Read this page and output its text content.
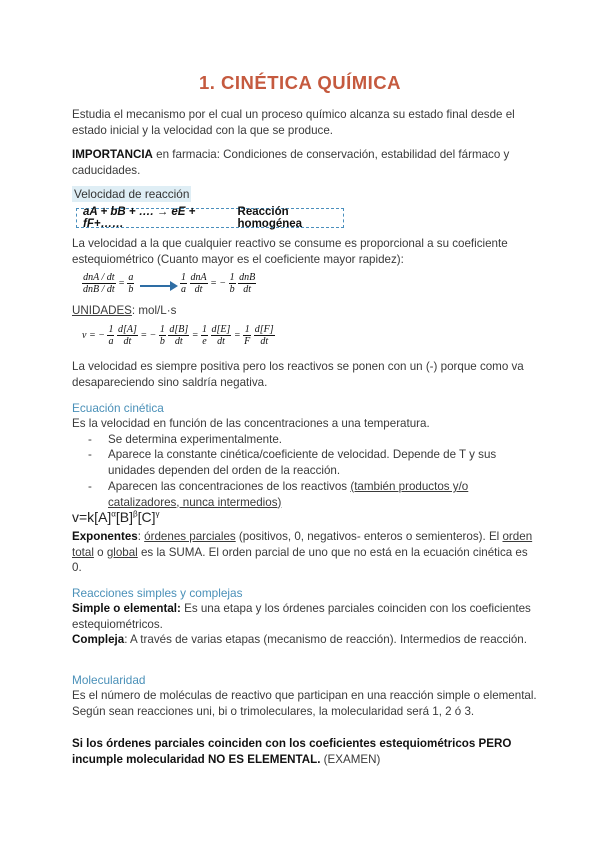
1. CINÉTICA QUÍMICA
Estudia el mecanismo por el cual un proceso químico alcanza su estado final desde el estado inicial y la velocidad con la que se produce.
IMPORTANCIA en farmacia: Condiciones de conservación, estabilidad del fármaco y caducidades.
Velocidad de reacción
aA + bB + …. → eE + fF+……
Reacción homogénea
La velocidad a la que cualquier reactivo se consume es proporcional a su coeficiente estequiométrico (Cuanto mayor es el coeficiente mayor rapidez):
$\frac{\text{dnA / dt}}{\text{dnB / dt}} = \frac{a}{b}$	$\frac{1}{a}$
$\frac{\text{dnA}}{dt}$ = − $\frac{1}{b}$
$\frac{\text{dnB}}{dt}$
UNIDADES: mol/L·s
v = − $\frac{1}{a}$
$\frac{d[A]}{dt}$ = − $\frac{1}{b}$
$\frac{d[B]}{dt} = \frac{1}{e}$
$\frac{d[E]}{dt} = \frac{1}{F}$
$\frac{d[F]}{dt}$
La velocidad es siempre positiva pero los reactivos se ponen con un (-) porque como va desapareciendo sino saldría negativa.
Ecuación cinética
Es la velocidad en función de las concentraciones a una temperatura.
- Se determina experimentalmente.
- Aparece la constante cinética/coeficiente de velocidad. Depende de T y sus unidades dependen del orden de la reacción.
- Aparecen las concentraciones de los reactivos (también productos y/o catalizadores, nunca intermedios)
$v=k[A]^\alpha[B]^\beta[C]^\gamma$
Exponentes: órdenes parciales (positivos, 0, negativos- enteros o semienteros). El orden total o global es la SUMA. El orden parcial de uno que no está en la ecuación cinética es 0.
Reacciones simples y complejas
Simple o elemental: Es una etapa y los órdenes parciales coinciden con los coeficientes estequiométricos.
Compleja: A través de varias etapas (mecanismo de reacción). Intermedios de reacción.
Molecularidad
Es el número de moléculas de reactivo que participan en una reacción simple o elemental. Según sean reacciones uni, bi o trimoleculares, la molecularidad será 1, 2 ó 3.
Si los órdenes parciales coinciden con los coeficientes estequiométricos PERO incumple molecularidad NO ES ELEMENTAL. (EXAMEN)
